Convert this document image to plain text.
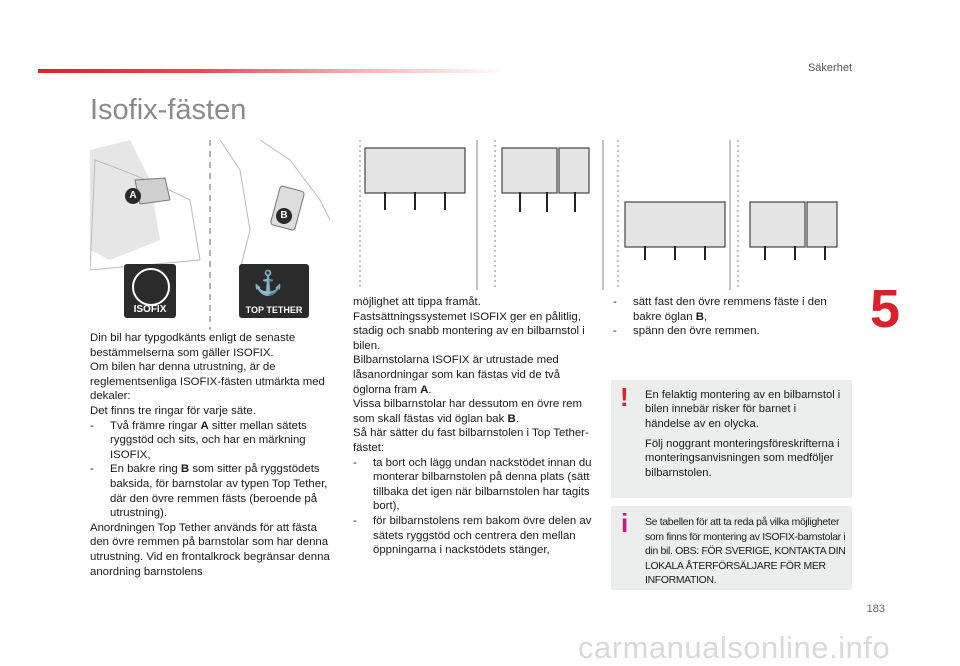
Säkerhet
Isofix-fästen
5
A
B
ISOFIX
⚓
TOP TETHER

Din bil har typgodkänts enligt de senaste bestämmelserna som gäller ISOFIX.

Om bilen har denna utrustning, är de reglementsenliga ISOFIX-fästen utmärkta med dekaler:

Det finns tre ringar för varje säte.

- Två främre ringar A sitter mellan sätets ryggstöd och sits, och har en märkning ISOFIX,

- En bakre ring B som sitter på ryggstödets baksida, för barnstolar av typen Top Tether, där den övre remmen fästs (beroende på utrustning).

Anordningen Top Tether används för att fästa den övre remmen på barnstolar som har denna utrustning. Vid en frontalkrock begränsar denna anordning barnstolens

möjlighet att tippa framåt.

Fastsättningssystemet ISOFIX ger en pålitlig, stadig och snabb montering av en bilbarnstol i bilen.

Bilbarnstolarna ISOFIX är utrustade med låsanordningar som kan fästas vid de två öglorna fram A.

Vissa bilbarnstolar har dessutom en övre rem som skall fästas vid öglan bak B.

Så här sätter du fast bilbarnstolen i Top Tether-fästet:

- ta bort och lägg undan nackstödet innan du monterar bilbarnstolen på denna plats (sätt tillbaka det igen när bilbarnstolen har tagits bort),

- för bilbarnstolens rem bakom övre delen av sätets ryggstöd och centrera den mellan öppningarna i nackstödets stänger,

- sätt fast den övre remmens fäste i den bakre öglan B,

- spänn den övre remmen.

! En felaktig montering av en bilbarnstol i bilen innebär risker för barnet i händelse av en olycka.
Följ noggrant monteringsföreskrifterna i monteringsanvisningen som medföljer bilbarnstolen.
i Se tabellen för att ta reda på vilka möjligheter som finns för montering av ISOFIX-barnstolar i din bil. OBS: FÖR SVERIGE, KONTAKTA DIN LOKALA ÅTERFÖRSÄLJARE FÖR MER INFORMATION.
183
carmanualsonline.info
